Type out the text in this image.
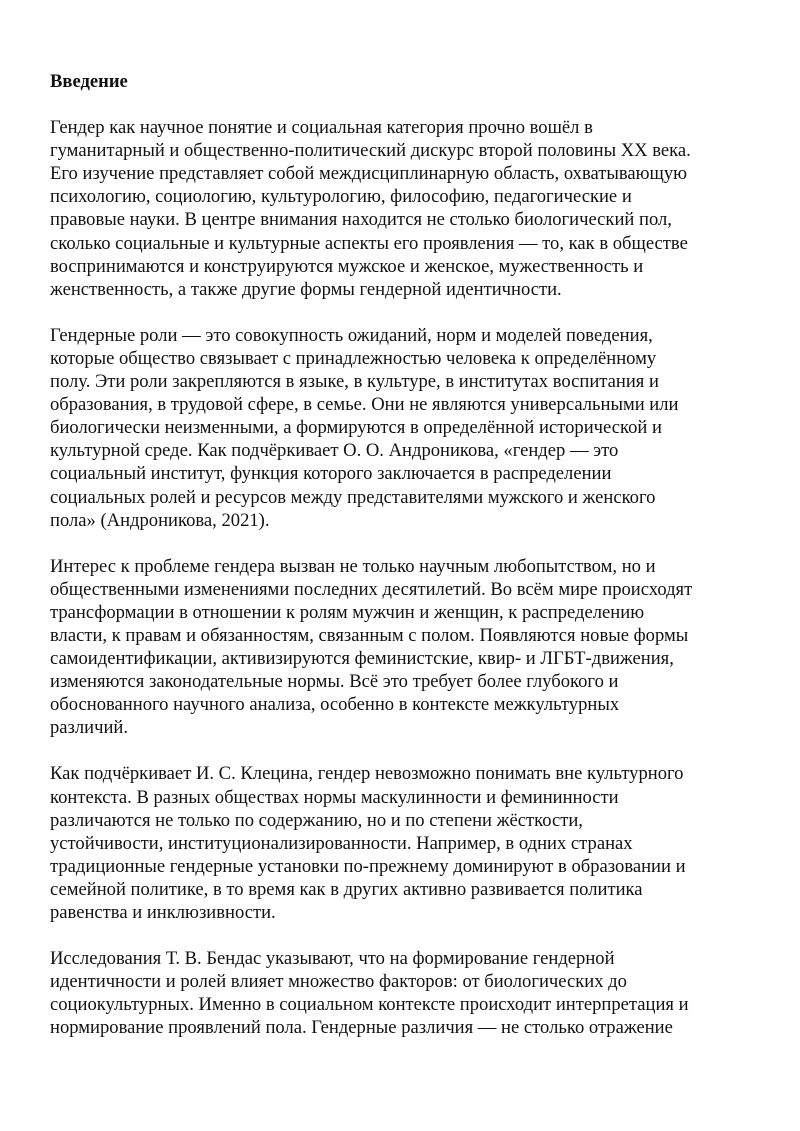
Введение
Гендер как научное понятие и социальная категория прочно вошёл в
гуманитарный и общественно-политический дискурс второй половины XX века.
Его изучение представляет собой междисциплинарную область, охватывающую
психологию, социологию, культурологию, философию, педагогические и
правовые науки. В центре внимания находится не столько биологический пол,
сколько социальные и культурные аспекты его проявления — то, как в обществе
воспринимаются и конструируются мужское и женское, мужественность и
женственность, а также другие формы гендерной идентичности.
Гендерные роли — это совокупность ожиданий, норм и моделей поведения,
которые общество связывает с принадлежностью человека к определённому
полу. Эти роли закрепляются в языке, в культуре, в институтах воспитания и
образования, в трудовой сфере, в семье. Они не являются универсальными или
биологически неизменными, а формируются в определённой исторической и
культурной среде. Как подчёркивает О. О. Андроникова, «гендер — это
социальный институт, функция которого заключается в распределении
социальных ролей и ресурсов между представителями мужского и женского
пола» (Андроникова, 2021).
Интерес к проблеме гендера вызван не только научным любопытством, но и
общественными изменениями последних десятилетий. Во всём мире происходят
трансформации в отношении к ролям мужчин и женщин, к распределению
власти, к правам и обязанностям, связанным с полом. Появляются новые формы
самоидентификации, активизируются феминистские, квир- и ЛГБТ-движения,
изменяются законодательные нормы. Всё это требует более глубокого и
обоснованного научного анализа, особенно в контексте межкультурных
различий.
Как подчёркивает И. С. Клецина, гендер невозможно понимать вне культурного
контекста. В разных обществах нормы маскулинности и фемининности
различаются не только по содержанию, но и по степени жёсткости,
устойчивости, институционализированности. Например, в одних странах
традиционные гендерные установки по-прежнему доминируют в образовании и
семейной политике, в то время как в других активно развивается политика
равенства и инклюзивности.
Исследования Т. В. Бендас указывают, что на формирование гендерной
идентичности и ролей влияет множество факторов: от биологических до
социокультурных. Именно в социальном контексте происходит интерпретация и
нормирование проявлений пола. Гендерные различия — не столько отражение
